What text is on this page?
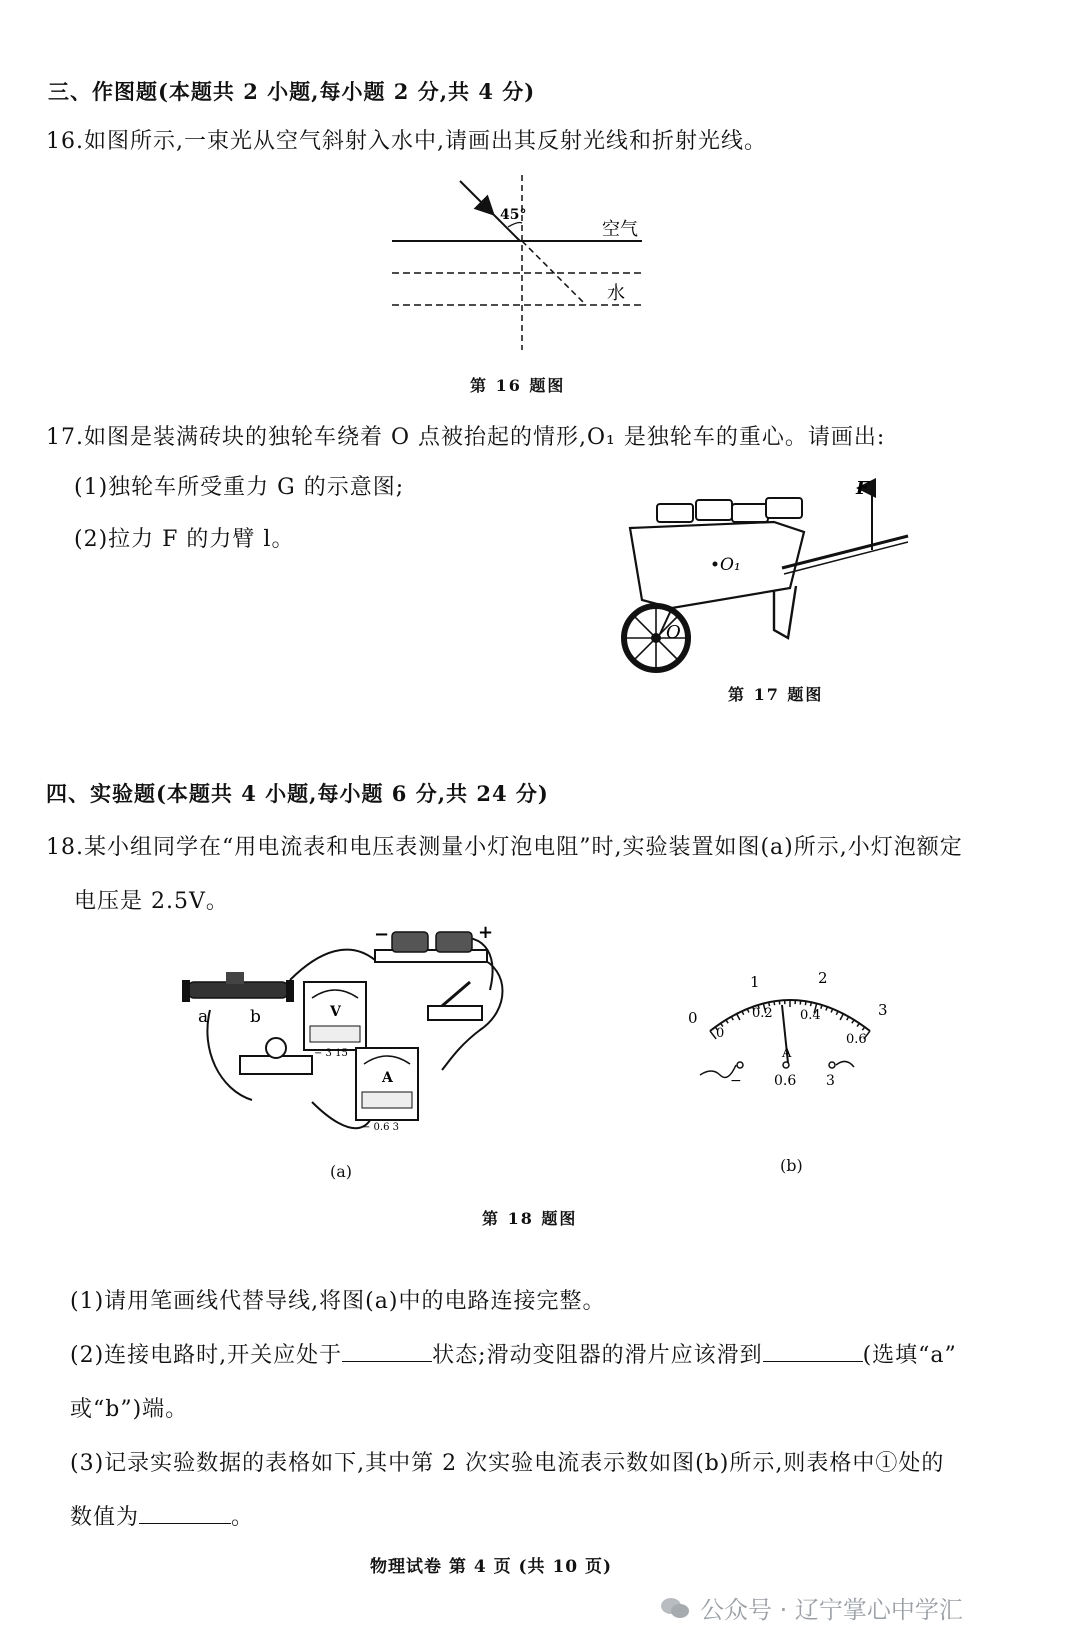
三、作图题(本题共 2 小题,每小题 2 分,共 4 分)
16.如图所示,一束光从空气斜射入水中,请画出其反射光线和折射光线。
45°
空气
水
第 16 题图
17.如图是装满砖块的独轮车绕着 O 点被抬起的情形,O₁ 是独轮车的重心。请画出:
(1)独轮车所受重力 G 的示意图;
(2)拉力 F 的力臂 l。
F
O₁
O
第 17 题图
四、实验题(本题共 4 小题,每小题 6 分,共 24 分)
18.某小组同学在“用电流表和电压表测量小灯泡电阻”时,实验装置如图(a)所示,小灯泡额定
电压是 2.5V。
−	+
a b	V
− 3 15
A
− 0.6 3
(a)
0
1	2
3
0
0.2 0.4
0.6
A
− 0.6 3
(b)
第 18 题图
(1)请用笔画线代替导线,将图(a)中的电路连接完整。
(2)连接电路时,开关应处于	状态;滑动变阻器的滑片应该滑到	(选填“a”
或“b”)端。
(3)记录实验数据的表格如下,其中第 2 次实验电流表示数如图(b)所示,则表格中①处的
数值为	。
物理试卷 第 4 页 (共 10 页)
公众号 · 辽宁掌心中学汇
